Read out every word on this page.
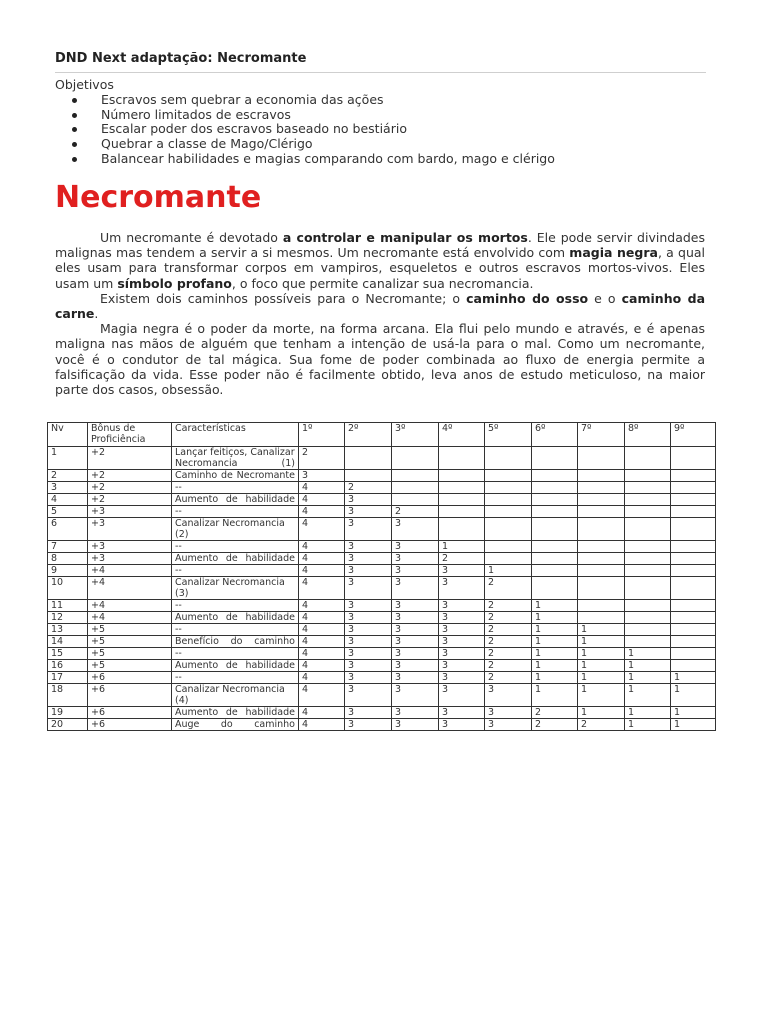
DND Next adaptação: Necromante
Objetivos
Escravos sem quebrar a economia das ações
Número limitados de escravos
Escalar poder dos escravos baseado no bestiário
Quebrar a classe de Mago/Clérigo
Balancear habilidades e magias comparando com bardo, mago e clérigo
Necromante

Um necromante é devotado a controlar e manipular os mortos. Ele pode servir divindades malignas mas tendem a servir a si mesmos. Um necromante está envolvido com magia negra, a qual eles usam para transformar corpos em vampiros, esqueletos e outros escravos mortos-vivos. Eles usam um símbolo profano, o foco que permite canalizar sua necromancia.

Existem dois caminhos possíveis para o Necromante; o caminho do osso e o caminho da carne.

Magia negra é o poder da morte, na forma arcana. Ela flui pelo mundo e através, e é apenas maligna nas mãos de alguém que tenham a intenção de usá-la para o mal. Como um necromante, você é o condutor de tal mágica. Sua fome de poder combinada ao fluxo de energia permite a falsificação da vida. Esse poder não é facilmente obtido, leva anos de estudo meticuloso, na maior parte dos casos, obsessão.

Nv	Bônus de Proficiência	Características	1º	2º	3º	4º	5º	6º	7º	8º	9º
1	+2	Lançar feitiços, Canalizar Necromancia (1)	2								
2	+2	Caminho de Necromante	3								
3	+2	--	4	2							
4	+2	Aumento de habilidade	4	3							
5	+3	--	4	3	2						
6	+3	Canalizar Necromancia (2)	4	3	3						
7	+3	--	4	3	3	1					
8	+3	Aumento de habilidade	4	3	3	2					
9	+4	--	4	3	3	3	1				
10	+4	Canalizar Necromancia (3)	4	3	3	3	2				
11	+4	--	4	3	3	3	2	1			
12	+4	Aumento de habilidade	4	3	3	3	2	1			
13	+5	--	4	3	3	3	2	1	1		
14	+5	Benefício do caminho	4	3	3	3	2	1	1		
15	+5	--	4	3	3	3	2	1	1	1	
16	+5	Aumento de habilidade	4	3	3	3	2	1	1	1	
17	+6	--	4	3	3	3	2	1	1	1	1
18	+6	Canalizar Necromancia (4)	4	3	3	3	3	1	1	1	1
19	+6	Aumento de habilidade	4	3	3	3	3	2	1	1	1
20	+6	Auge do caminho	4	3	3	3	3	2	2	1	1
